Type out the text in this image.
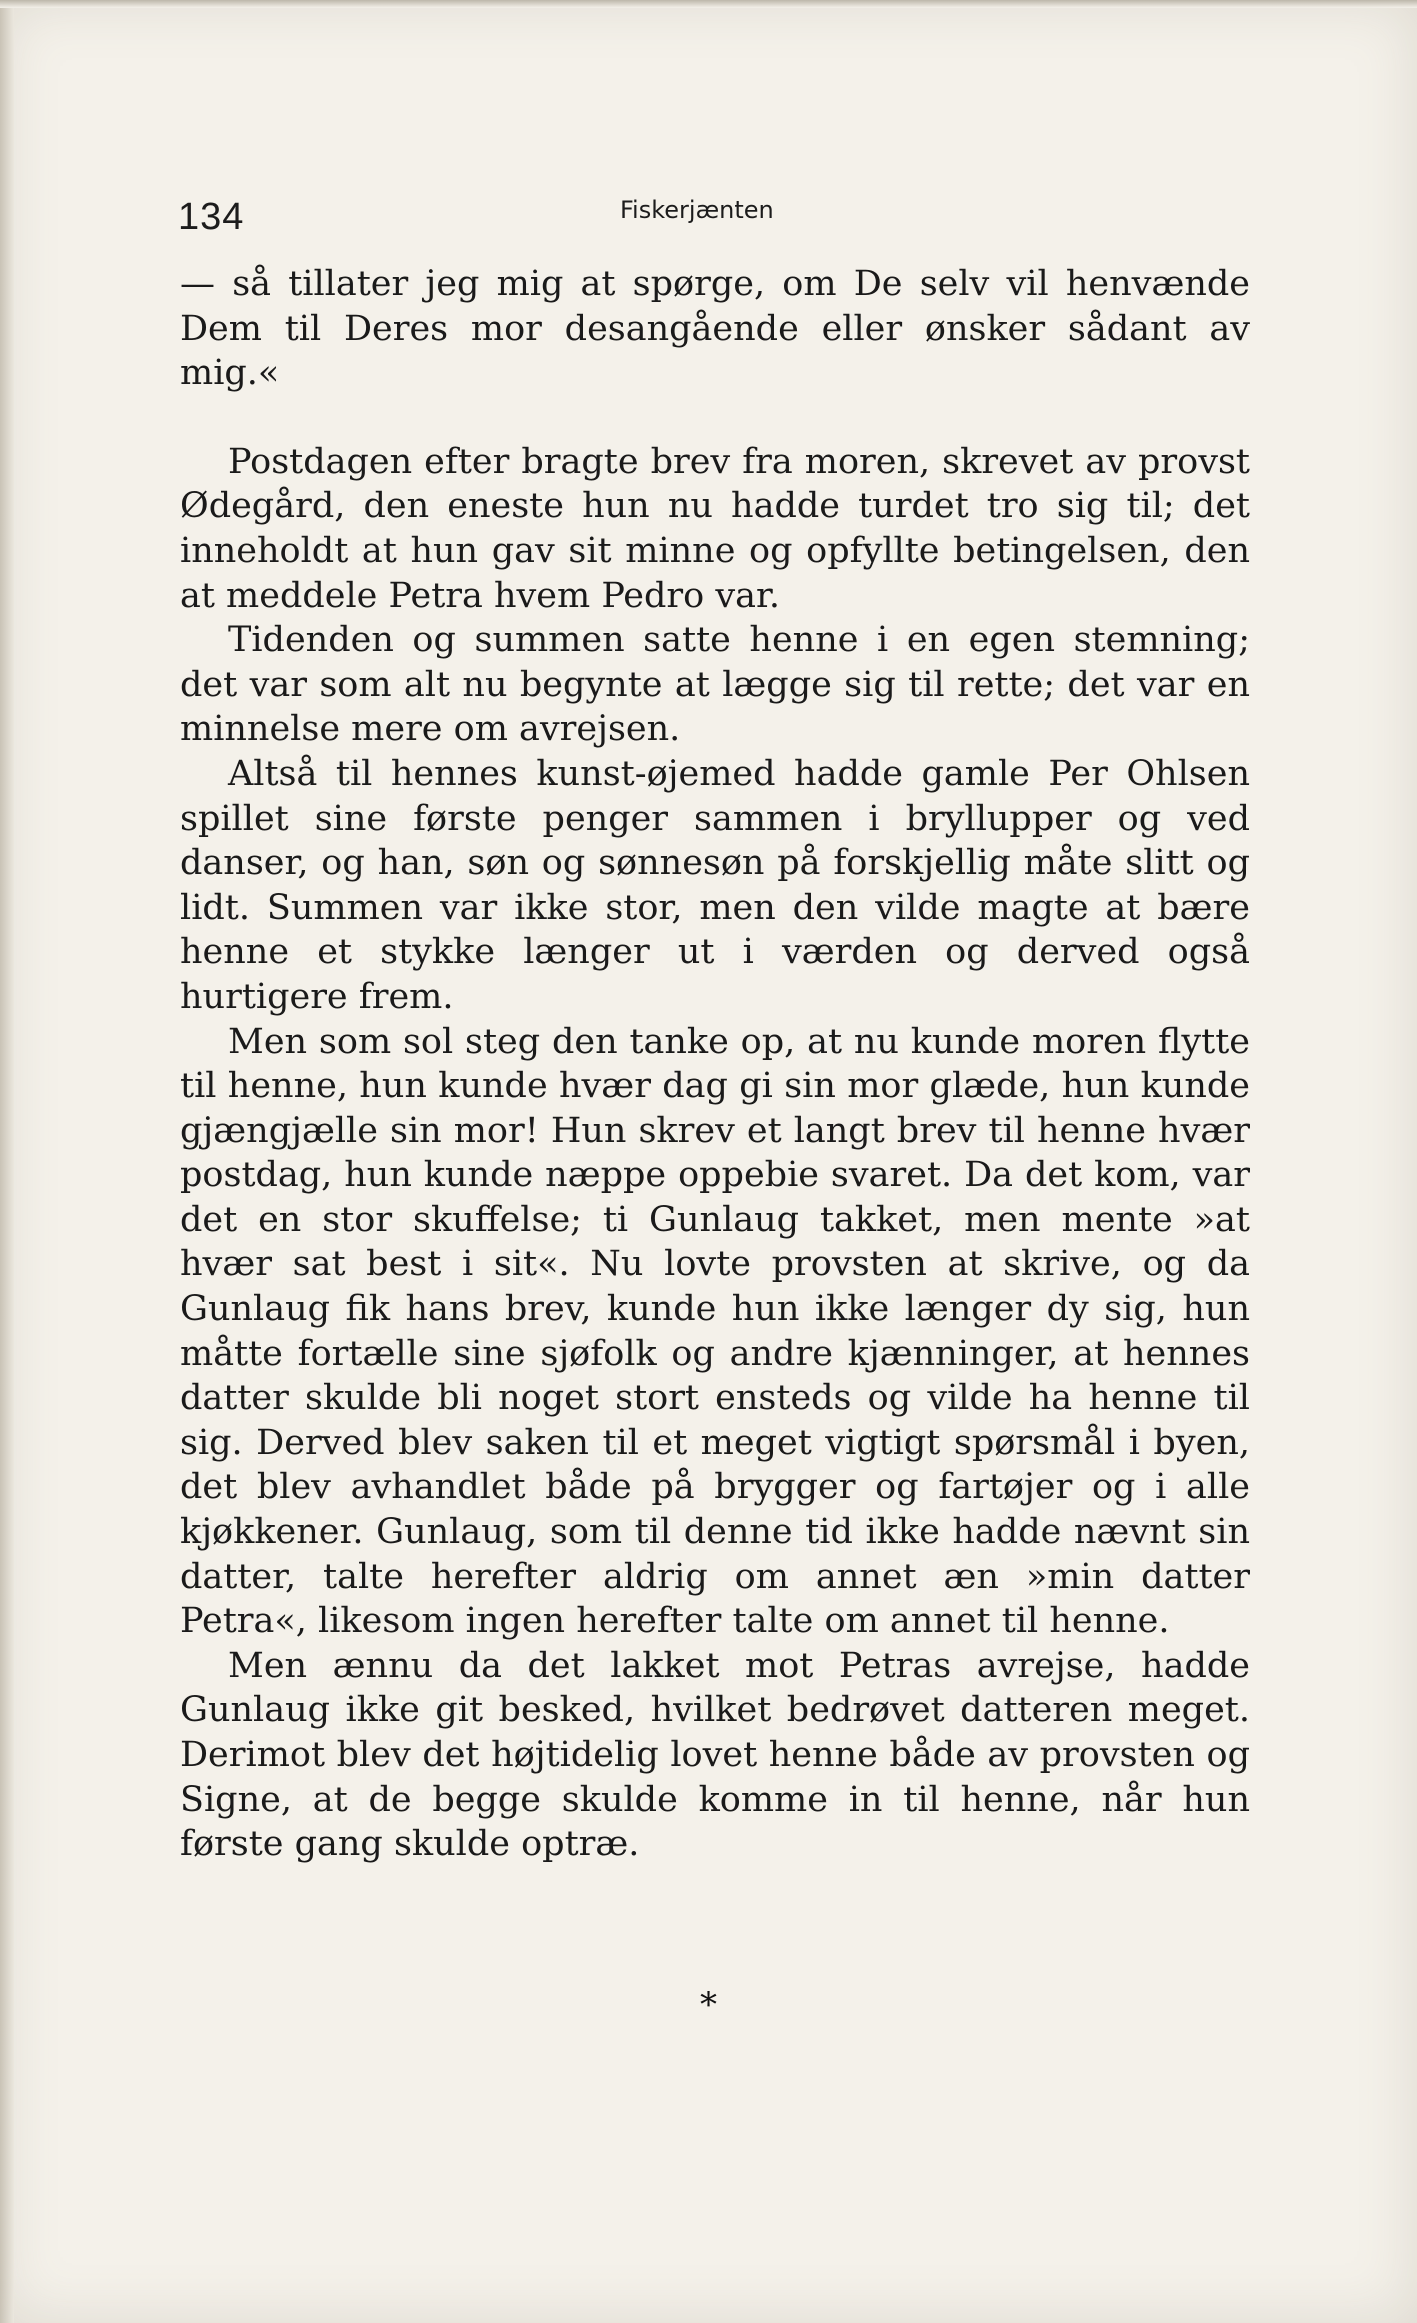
134	Fiskerjænten

— så tillater jeg mig at spørge, om De selv vil henvænde Dem til Deres mor desangående eller ønsker sådant av mig.«

Postdagen efter bragte brev fra moren, skrevet av provst Ødegård, den eneste hun nu hadde turdet tro sig til; det inneholdt at hun gav sit minne og opfyllte betingelsen, den at meddele Petra hvem Pedro var.

Tidenden og summen satte henne i en egen stemning; det var som alt nu begynte at lægge sig til rette; det var en minnelse mere om avrejsen.

Altså til hennes kunst-øjemed hadde gamle Per Ohlsen spillet sine første penger sammen i bryllupper og ved danser, og han, søn og sønnesøn på forskjellig måte slitt og lidt. Summen var ikke stor, men den vilde magte at bære henne et stykke længer ut i værden og derved også hurtigere frem.

Men som sol steg den tanke op, at nu kunde moren flytte til henne, hun kunde hvær dag gi sin mor glæde, hun kunde gjængjælle sin mor! Hun skrev et langt brev til henne hvær postdag, hun kunde næppe oppebie svaret. Da det kom, var det en stor skuffelse; ti Gunlaug takket, men mente »at hvær sat best i sit«. Nu lovte provsten at skrive, og da Gunlaug fik hans brev, kunde hun ikke længer dy sig, hun måtte fortælle sine sjøfolk og andre kjænninger, at hennes datter skulde bli noget stort ensteds og vilde ha henne til sig. Derved blev saken til et meget vigtigt spørsmål i byen, det blev avhandlet både på brygger og fartøjer og i alle kjøkkener. Gunlaug, som til denne tid ikke hadde nævnt sin datter, talte herefter aldrig om annet æn »min datter Petra«, likesom ingen herefter talte om annet til henne.

Men ænnu da det lakket mot Petras avrejse, hadde Gunlaug ikke git besked, hvilket bedrøvet datteren meget. Derimot blev det højtidelig lovet henne både av provsten og Signe, at de begge skulde komme in til henne, når hun første gang skulde optræ.

*
